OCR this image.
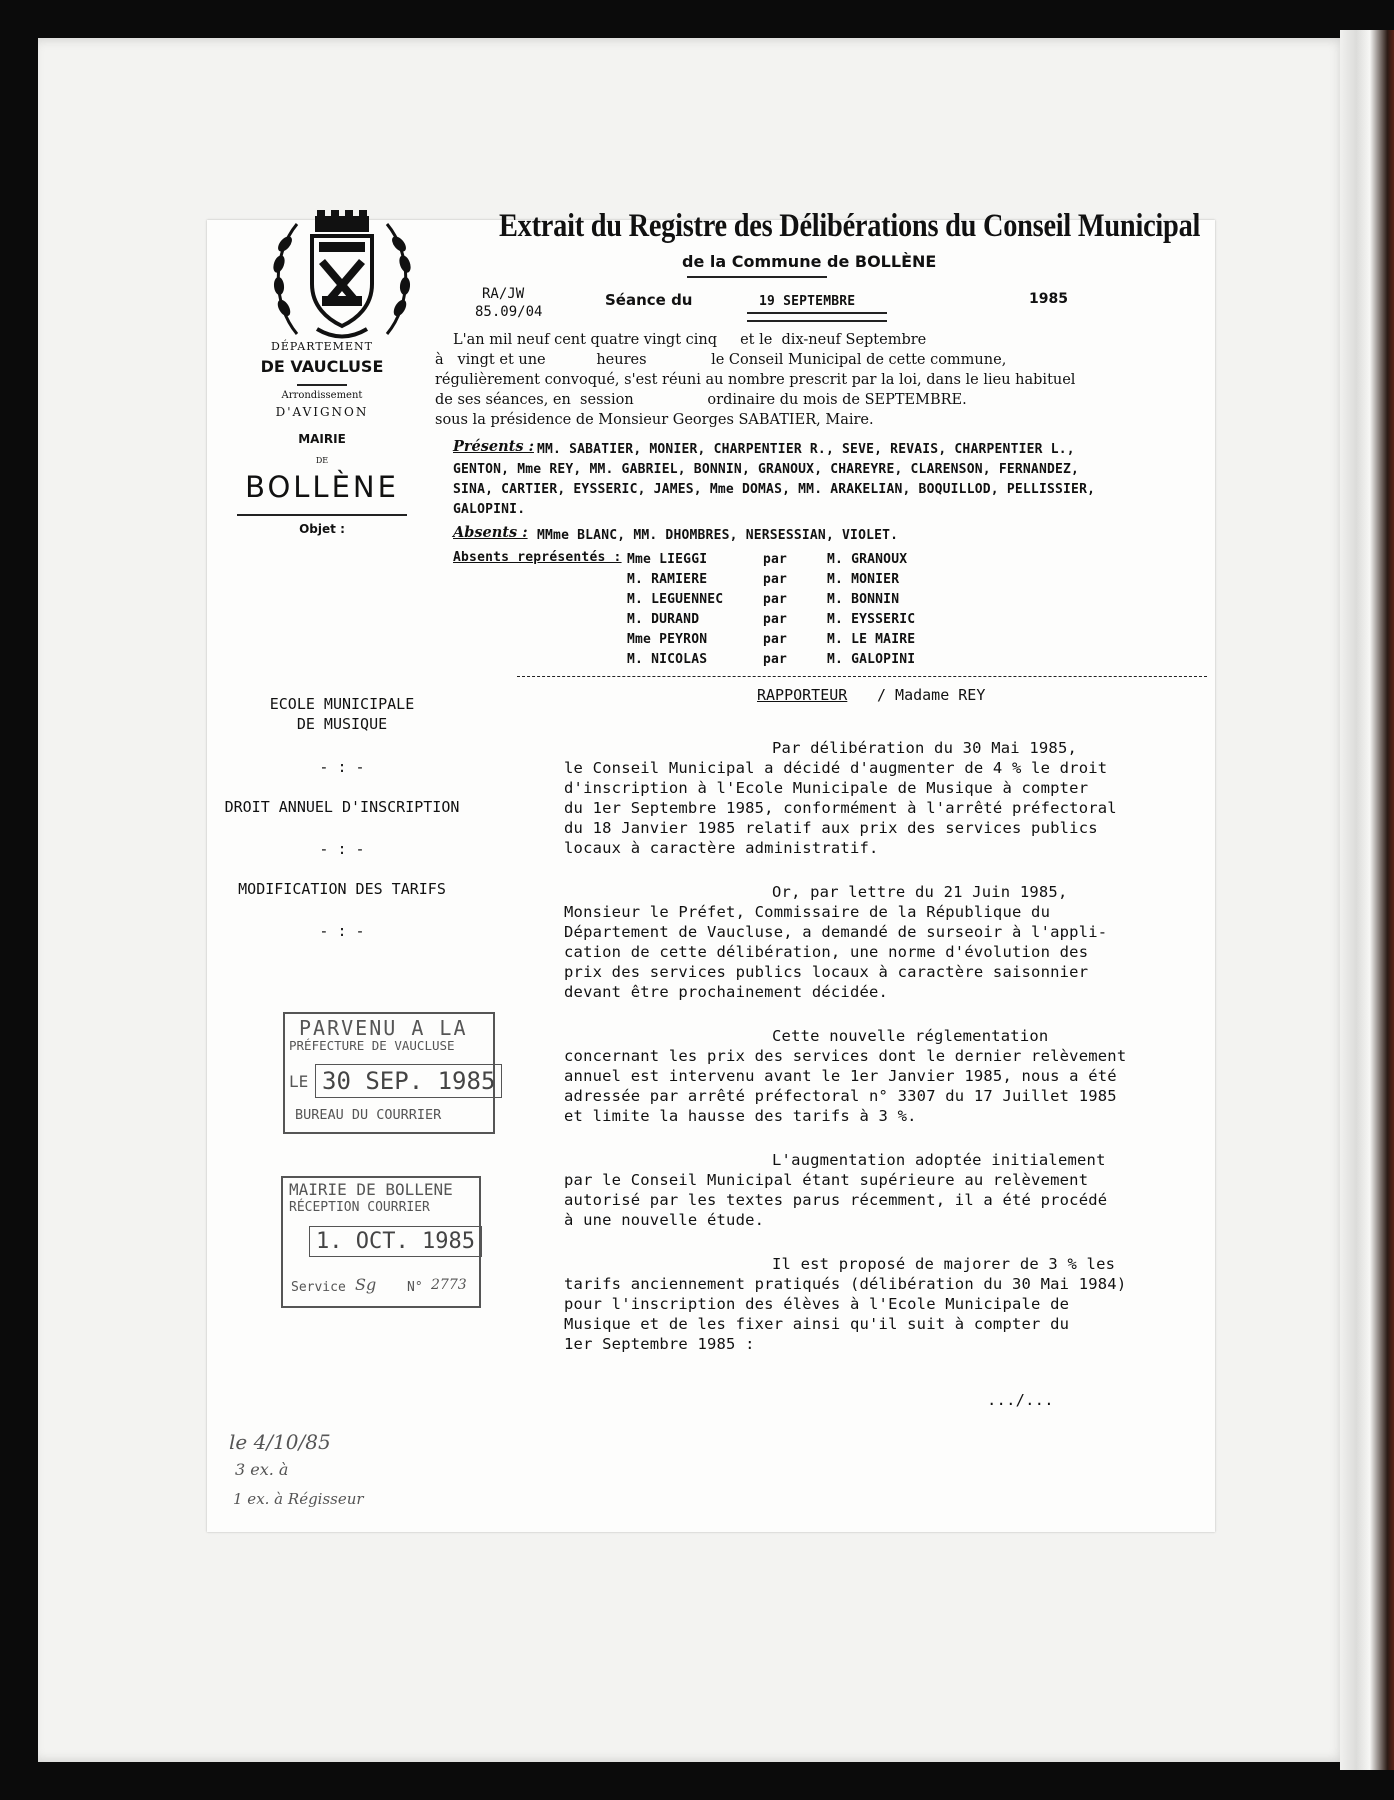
DÉPARTEMENT
DE VAUCLUSE
Arrondissement
D'AVIGNON
MAIRIE
DE
BOLLÈNE
Objet :
ECOLE MUNICIPALE
DE MUSIQUE
- : -
DROIT ANNUEL D'INSCRIPTION
- : -
MODIFICATION DES TARIFS
- : -
Extrait du Registre des Délibérations du Conseil Municipal
de la Commune de BOLLÈNE
RA/JW
85.09/04
Séance du	19 SEPTEMBRE	1985
L'an mil neuf cent quatre vingt cinq     et le  dix-neuf Septembre
à   vingt et une           heures              le Conseil Municipal de cette commune,
régulièrement convoqué, s'est réuni au nombre prescrit par la loi, dans le lieu habituel
de ses séances, en  session                ordinaire du mois de SEPTEMBRE.
sous la présidence de Monsieur Georges SABATIER, Maire.
Présents : MM. SABATIER, MONIER, CHARPENTIER R., SEVE, REVAIS, CHARPENTIER L.,
GENTON, Mme REY, MM. GABRIEL, BONNIN, GRANOUX, CHAREYRE, CLARENSON, FERNANDEZ,
SINA, CARTIER, EYSSERIC, JAMES, Mme DOMAS, MM. ARAKELIAN, BOQUILLOD, PELLISSIER,
GALOPINI.
Absents : MMme BLANC, MM. DHOMBRES, NERSESSIAN, VIOLET.
Absents représentés : Mme LIEGGI	par	M. GRANOUX
M. RAMIERE	par	M. MONIER
M. LEGUENNEC	par	M. BONNIN
M. DURAND	par	M. EYSSERIC
Mme PEYRON	par	M. LE MAIRE
M. NICOLAS	par	M. GALOPINI
RAPPORTEUR / Madame REY
Par délibération du 30 Mai 1985,
le Conseil Municipal a décidé d'augmenter de 4 % le droit
d'inscription à l'Ecole Municipale de Musique à compter
du 1er Septembre 1985, conformément à l'arrêté préfectoral
du 18 Janvier 1985 relatif aux prix des services publics
locaux à caractère administratif.
Or, par lettre du 21 Juin 1985,
Monsieur le Préfet, Commissaire de la République du
Département de Vaucluse, a demandé de surseoir à l'appli-
cation de cette délibération, une norme d'évolution des
prix des services publics locaux à caractère saisonnier
devant être prochainement décidée.
Cette nouvelle réglementation
concernant les prix des services dont le dernier relèvement
annuel est intervenu avant le 1er Janvier 1985, nous a été
adressée par arrêté préfectoral n° 3307 du 17 Juillet 1985
et limite la hausse des tarifs à 3 %.
L'augmentation adoptée initialement
par le Conseil Municipal étant supérieure au relèvement
autorisé par les textes parus récemment, il a été procédé
à une nouvelle étude.
Il est proposé de majorer de 3 % les
tarifs anciennement pratiqués (délibération du 30 Mai 1984)
pour l'inscription des élèves à l'Ecole Municipale de
Musique et de les fixer ainsi qu'il suit à compter du
1er Septembre 1985 :
.../...
PARVENU A LA
PRÉFECTURE DE VAUCLUSE
LE 30 SEP. 1985
BUREAU DU COURRIER
MAIRIE DE BOLLENE
RÉCEPTION COURRIER
1. OCT. 1985
Service Sg N° 2773
le 4/10/85
3 ex. à
1 ex. à Régisseur
